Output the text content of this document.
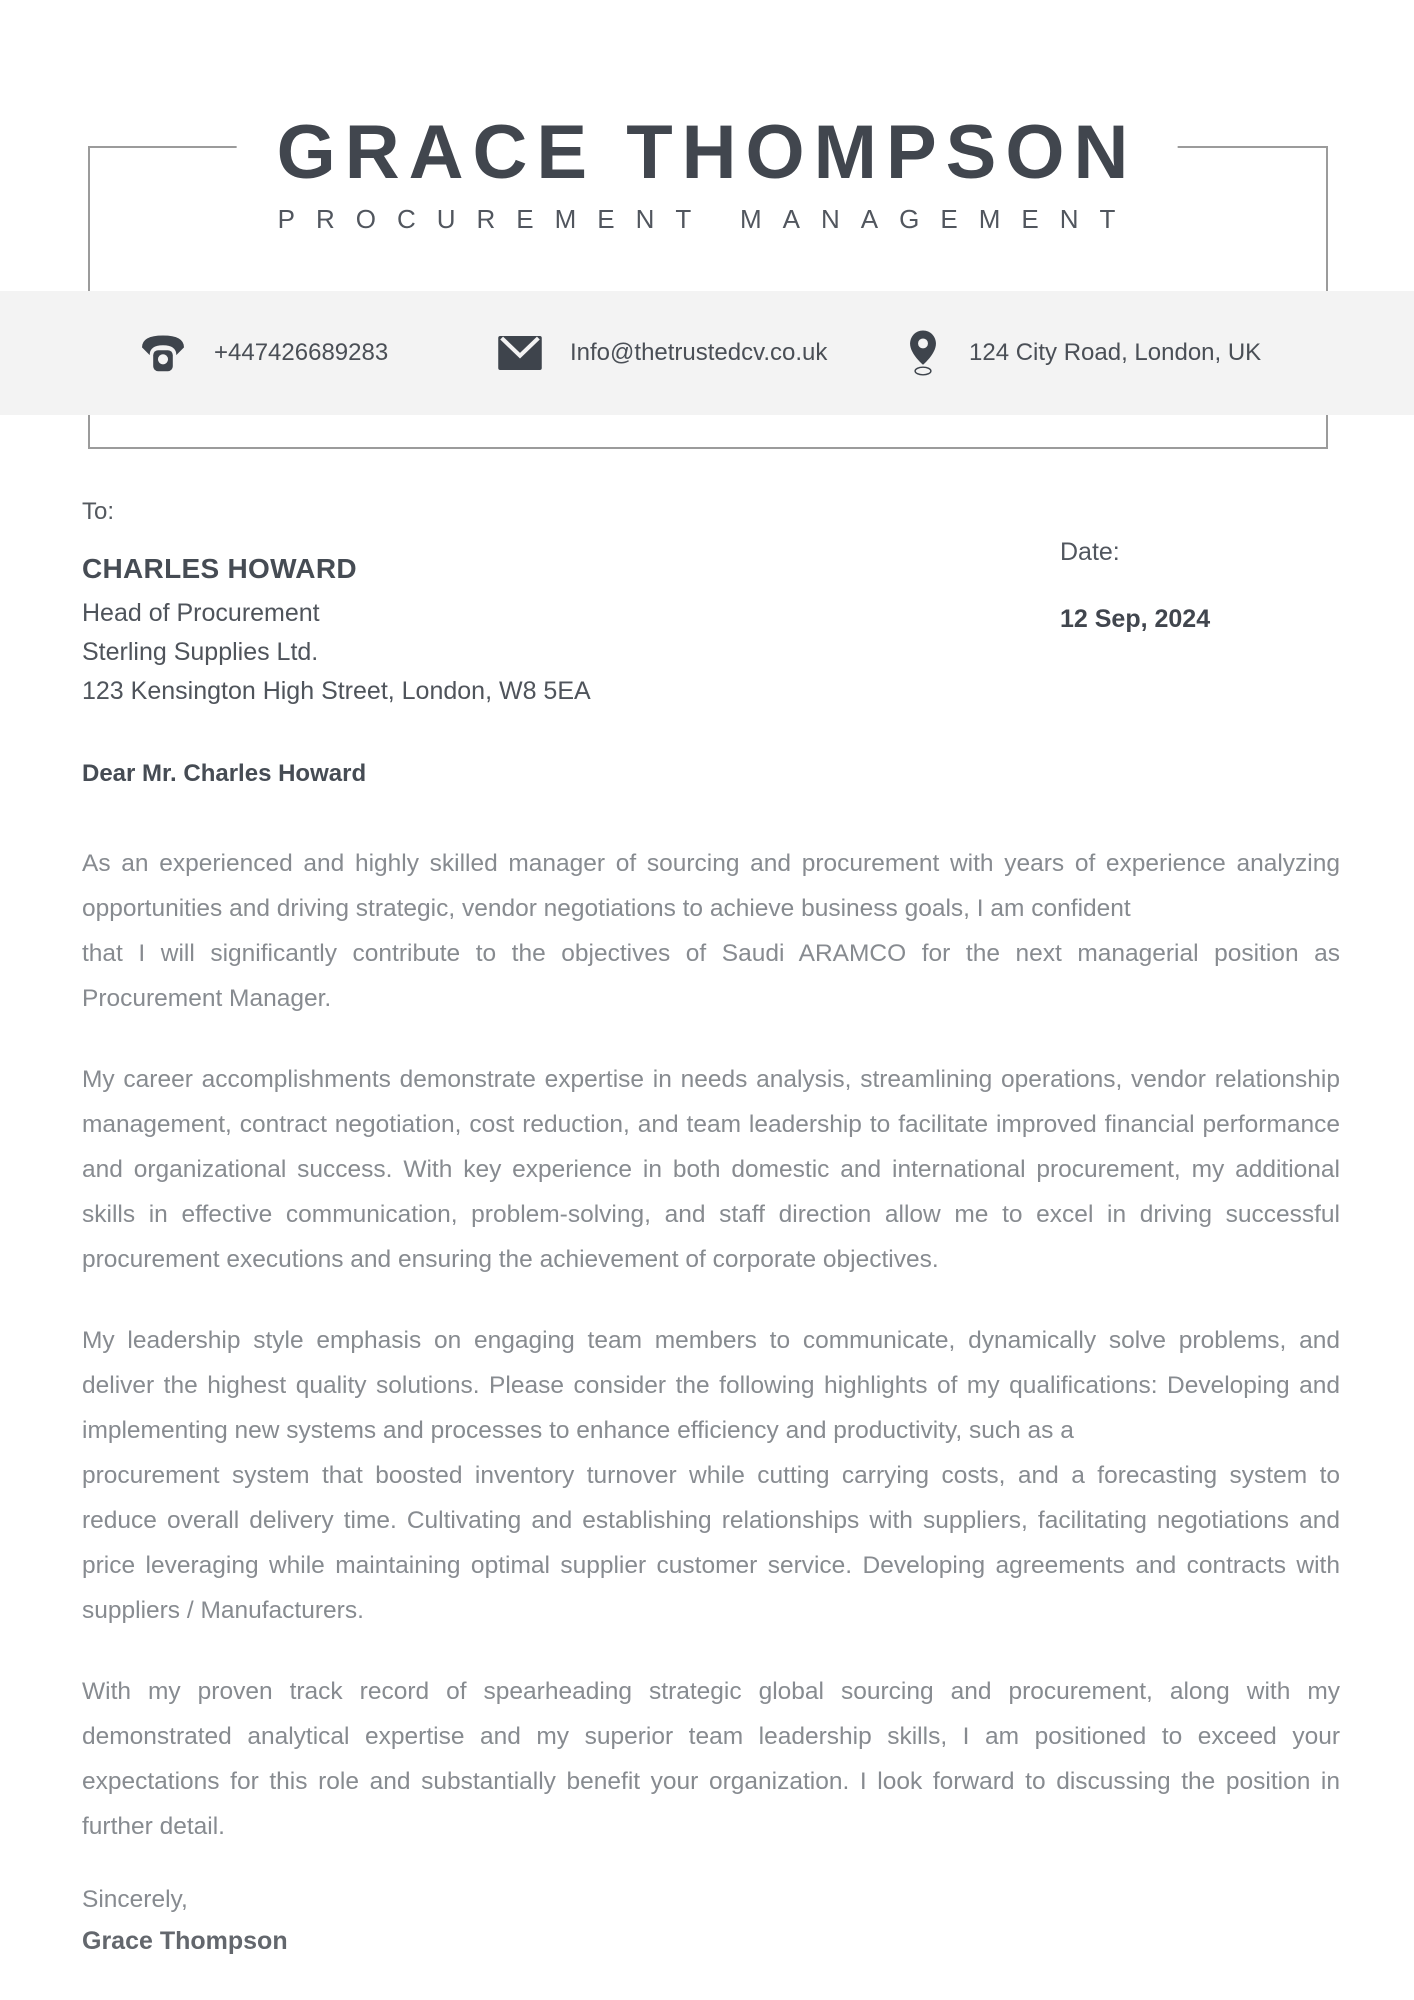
GRACE THOMPSON
PROCUREMENT MANAGEMENT
+447426689283	Info@thetrustedcv.co.uk	124 City Road, London, UK
Date:
12 Sep, 2024
To:
CHARLES HOWARD
Head of Procurement
Sterling Supplies Ltd.
123 Kensington High Street, London, W8 5EA
Dear Mr. Charles Howard

As an experienced and highly skilled manager of sourcing and procurement with years of experience analyzing opportunities and driving strategic, vendor negotiations to achieve business goals, I am confident
that I will significantly contribute to the objectives of Saudi ARAMCO for the next managerial position as Procurement Manager.

My career accomplishments demonstrate expertise in needs analysis, streamlining operations, vendor relationship management, contract negotiation, cost reduction, and team leadership to facilitate improved financial performance and organizational success. With key experience in both domestic and international procurement, my additional skills in effective communication, problem-solving, and staff direction allow me to excel in driving successful procurement executions and ensuring the achievement of corporate objectives.

My leadership style emphasis on engaging team members to communicate, dynamically solve problems, and deliver the highest quality solutions. Please consider the following highlights of my qualifications: Developing and implementing new systems and processes to enhance efficiency and productivity, such as a
procurement system that boosted inventory turnover while cutting carrying costs, and a forecasting system to reduce overall delivery time. Cultivating and establishing relationships with suppliers, facilitating negotiations and price leveraging while maintaining optimal supplier customer service. Developing agreements and contracts with suppliers / Manufacturers.

With my proven track record of spearheading strategic global sourcing and procurement, along with my demonstrated analytical expertise and my superior team leadership skills, I am positioned to exceed your expectations for this role and substantially benefit your organization. I look forward to discussing the position in further detail.

Sincerely,
Grace Thompson
